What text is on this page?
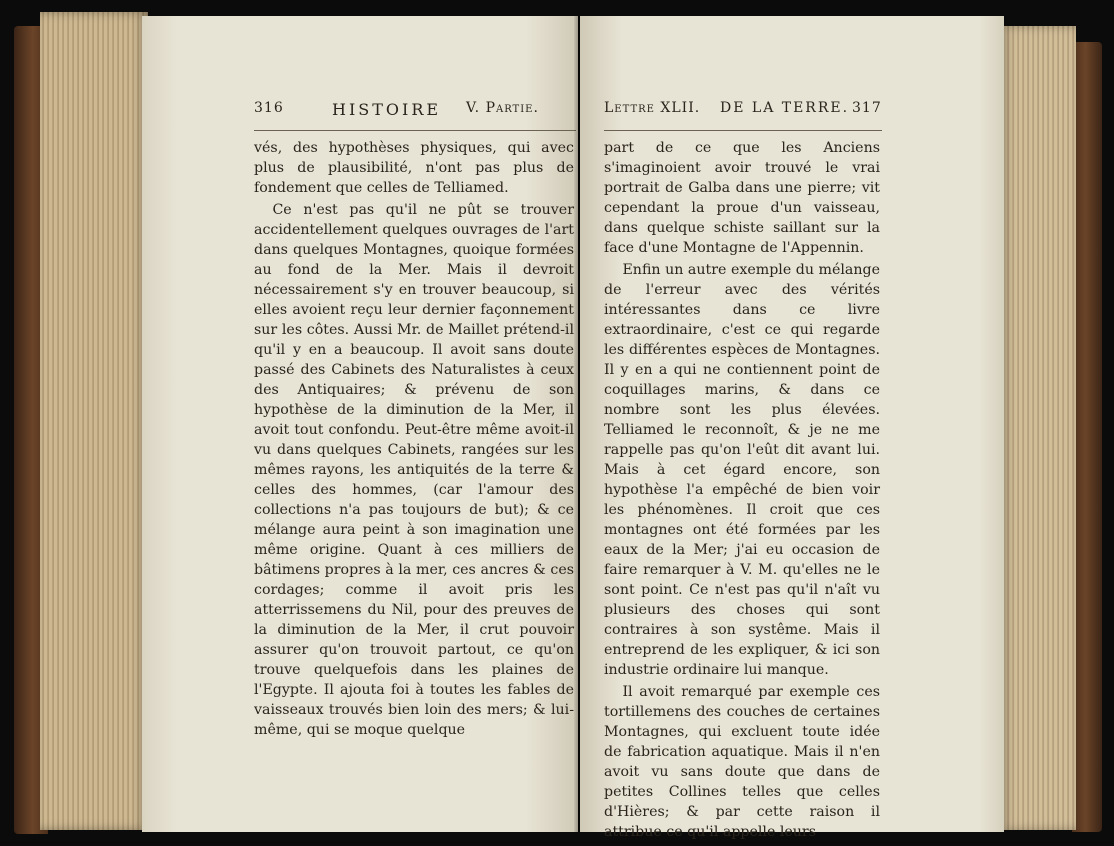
316	HISTOIRE V. Partie.

vés, des hypothèses physiques, qui avec plus de plausibilité, n'ont pas plus de fondement que celles de Telliamed.

Ce n'est pas qu'il ne pût se trouver accidentellement quelques ouvrages de l'art dans quelques Montagnes, quoique formées au fond de la Mer. Mais il devroit nécessairement s'y en trouver beaucoup, si elles avoient reçu leur dernier façonnement sur les côtes. Aussi Mr. de Maillet prétend-il qu'il y en a beaucoup. Il avoit sans doute passé des Cabinets des Naturalistes à ceux des Antiquaires; & prévenu de son hypothèse de la diminution de la Mer, il avoit tout confondu. Peut-être même avoit-il vu dans quelques Cabinets, rangées sur les mêmes rayons, les antiquités de la terre & celles des hommes, (car l'amour des collections n'a pas toujours de but); & ce mélange aura peint à son imagination une même origine. Quant à ces milliers de bâtimens propres à la mer, ces ancres & ces cordages; comme il avoit pris les atterrissemens du Nil, pour des preuves de la diminution de la Mer, il crut pouvoir assurer qu'on trouvoit partout, ce qu'on trouve quelquefois dans les plaines de l'Egypte. Il ajouta foi à toutes les fables de vaisseaux trouvés bien loin des mers; & lui-même, qui se moque quelque

Lettre XLII. DE LA TERRE. 317

part de ce que les Anciens s'imaginoient avoir trouvé le vrai portrait de Galba dans une pierre; vit cependant la proue d'un vaisseau, dans quelque schiste saillant sur la face d'une Montagne de l'Appennin.

Enfin un autre exemple du mélange de l'erreur avec des vérités intéressantes dans ce livre extraordinaire, c'est ce qui regarde les différentes espèces de Montagnes. Il y en a qui ne contiennent point de coquillages marins, & dans ce nombre sont les plus élevées. Telliamed le reconnoît, & je ne me rappelle pas qu'on l'eût dit avant lui. Mais à cet égard encore, son hypothèse l'a empêché de bien voir les phénomènes. Il croit que ces montagnes ont été formées par les eaux de la Mer; j'ai eu occasion de faire remarquer à V. M. qu'elles ne le sont point. Ce n'est pas qu'il n'aît vu plusieurs des choses qui sont contraires à son systême. Mais il entreprend de les expliquer, & ici son industrie ordinaire lui manque.

Il avoit remarqué par exemple ces tortillemens des couches de certaines Montagnes, qui excluent toute idée de fabrication aquatique. Mais il n'en avoit vu sans doute que dans de petites Collines telles que celles d'Hières; & par cette raison il attribue ce qu'il appelle leurs
